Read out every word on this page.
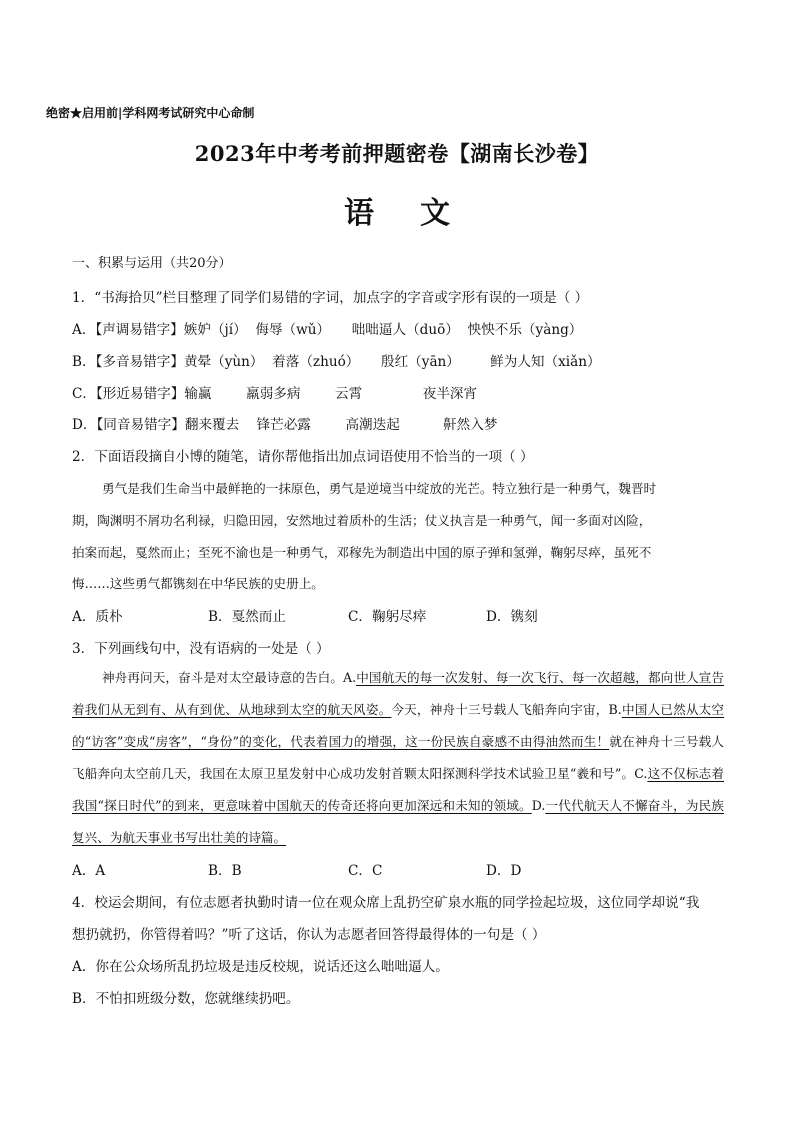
绝密★启用前|学科网考试研究中心命制
2023年中考考前押题密卷【湖南长沙卷】
语文
一、积累与运用（共20分）
1．“书海拾贝”栏目整理了同学们易错的字词，加点字的字音或字形有误的一项是（ ）
A．【声调易错字】嫉妒（jí）  侮辱（wǔ）     咄咄逼人（duō）  怏怏不乐（yàng）
B．【多音易错字】黄晕（yùn）  着落（zhuó）     殷红（yān）       鲜为人知（xiǎn）
C．【形近易错字】输赢        羸弱多病        云霄              夜半深宵
D．【同音易错字】翻来覆去    锋芒必露        高潮迭起          鼾然入梦
2．下面语段摘自小博的随笔，请你帮他指出加点词语使用不恰当的一项（ ）
勇气是我们生命当中最鲜艳的一抹原色，勇气是逆境当中绽放的光芒。特立独行是一种勇气，魏晋时
期，陶渊明不屑功名利禄，归隐田园，安然地过着质朴的生活；仗义执言是一种勇气，闻一多面对凶险，
拍案而起，戛然而止；至死不渝也是一种勇气，邓稼先为制造出中国的原子弹和氢弹，鞠躬尽瘁，虽死不
悔……这些勇气都镌刻在中华民族的史册上。
A．质朴	B．戛然而止	C．鞠躬尽瘁	D．镌刻
3．下列画线句中，没有语病的一处是（ ）
神舟再问天，奋斗是对太空最诗意的告白。A.中国航天的每一次发射、每一次飞行、每一次超越，都向世人宣告着我们从无到有、从有到优、从地球到太空的航天风姿。今天，神舟十三号载人飞船奔向宇宙，B.中国人已然从太空的“访客”变成“房客”，“身份”的变化，代表着国力的增强，这一份民族自豪感不由得油然而生！就在神舟十三号载人飞船奔向太空前几天，我国在太原卫星发射中心成功发射首颗太阳探测科学技术试验卫星“羲和号”。C.这不仅标志着我国“探日时代”的到来，更意味着中国航天的传奇还将向更加深远和未知的领域。D.一代代航天人不懈奋斗，为民族复兴、为航天事业书写出壮美的诗篇。
A．A	B．B	C．C	D．D
4．校运会期间，有位志愿者执勤时请一位在观众席上乱扔空矿泉水瓶的同学捡起垃圾，这位同学却说“我
想扔就扔，你管得着吗？”听了这话，你认为志愿者回答得最得体的一句是（ ）
A．你在公众场所乱扔垃圾是违反校规，说话还这么咄咄逼人。
B．不怕扣班级分数，您就继续扔吧。
